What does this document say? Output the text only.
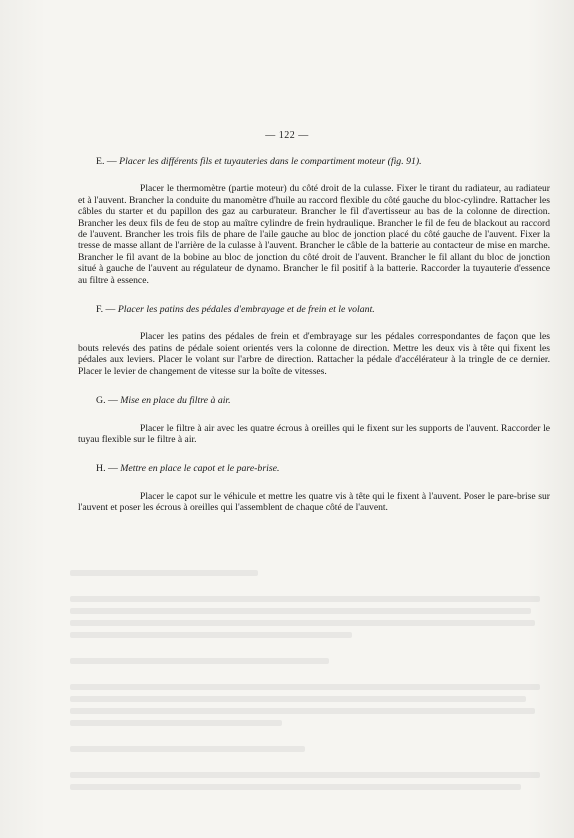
— 122 —

E. — Placer les différents fils et tuyauteries dans le compartiment moteur (fig. 91).

Placer le thermomètre (partie moteur) du côté droit de la culasse. Fixer le tirant du radiateur, au radiateur et à l'auvent. Brancher la conduite du manomètre d'huile au raccord flexible du côté gauche du bloc-cylindre. Rattacher les câbles du starter et du papillon des gaz au carburateur. Brancher le fil d'avertisseur au bas de la colonne de direction. Brancher les deux fils de feu de stop au maître cylindre de frein hydraulique. Brancher le fil de feu de blackout au raccord de l'auvent. Brancher les trois fils de phare de l'aile gauche au bloc de jonction placé du côté gauche de l'auvent. Fixer la tresse de masse allant de l'arrière de la culasse à l'auvent. Brancher le câble de la batterie au contacteur de mise en marche. Brancher le fil avant de la bobine au bloc de jonction du côté droit de l'auvent. Brancher le fil allant du bloc de jonction situé à gauche de l'auvent au régulateur de dynamo. Brancher le fil positif à la batterie. Raccorder la tuyauterie d'essence au filtre à essence.

F. — Placer les patins des pédales d'embrayage et de frein et le volant.

Placer les patins des pédales de frein et d'embrayage sur les pédales correspondantes de façon que les bouts relevés des patins de pédale soient orientés vers la colonne de direction. Mettre les deux vis à tête qui fixent les pédales aux leviers. Placer le volant sur l'arbre de direction. Rattacher la pédale d'accélérateur à la tringle de ce dernier. Placer le levier de changement de vitesse sur la boîte de vitesses.

G. — Mise en place du filtre à air.

Placer le filtre à air avec les quatre écrous à oreilles qui le fixent sur les supports de l'auvent. Raccorder le tuyau flexible sur le filtre à air.

H. — Mettre en place le capot et le pare-brise.

Placer le capot sur le véhicule et mettre les quatre vis à tête qui le fixent à l'auvent. Poser le pare-brise sur l'auvent et poser les écrous à oreilles qui l'assemblent de chaque côté de l'auvent.
